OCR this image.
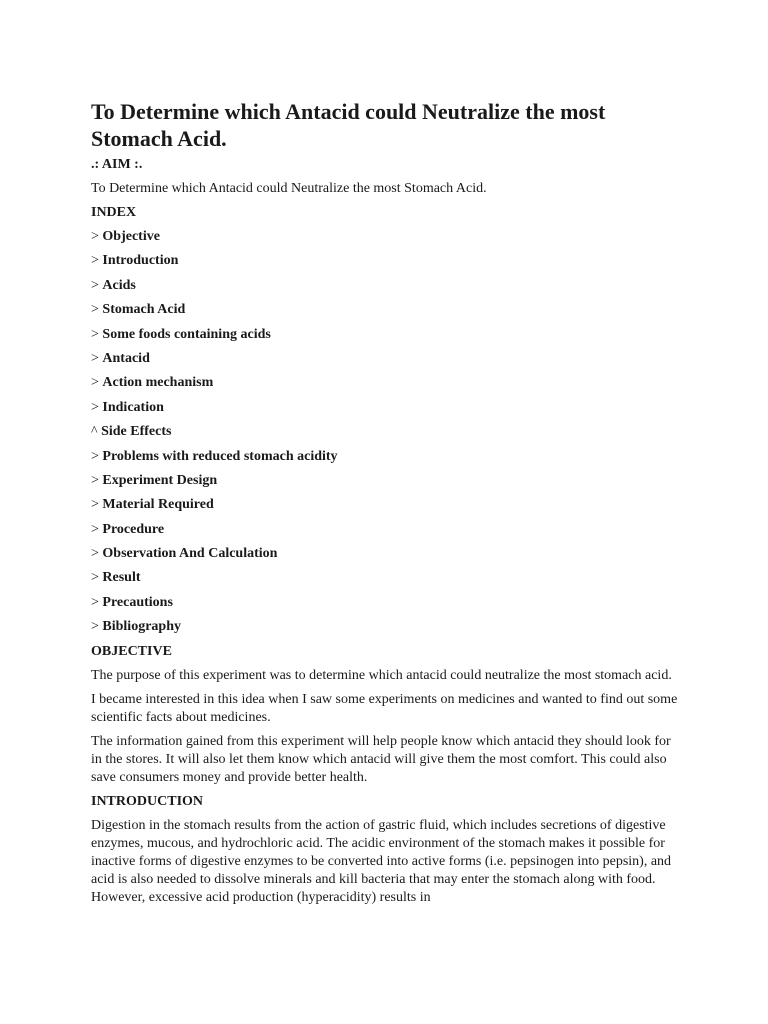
To Determine which Antacid could Neutralize the most Stomach Acid.
.: AIM :.

To Determine which Antacid could Neutralize the most Stomach Acid.

INDEX
> Objective
> Introduction
> Acids
> Stomach Acid
> Some foods containing acids
> Antacid
> Action mechanism
> Indication
^ Side Effects
> Problems with reduced stomach acidity
> Experiment Design
> Material Required
> Procedure
> Observation And Calculation
> Result
> Precautions
> Bibliography
OBJECTIVE

The purpose of this experiment was to determine which antacid could neutralize the most stomach acid.

I became interested in this idea when I saw some experiments on medicines and wanted to find out some scientific facts about medicines.

The information gained from this experiment will help people know which antacid they should look for in the stores. It will also let them know which antacid will give them the most comfort. This could also save consumers money and provide better health.

INTRODUCTION

Digestion in the stomach results from the action of gastric fluid, which includes secretions of digestive enzymes, mucous, and hydrochloric acid. The acidic environment of the stomach makes it possible for inactive forms of digestive enzymes to be converted into active forms (i.e. pepsinogen into pepsin), and acid is also needed to dissolve minerals and kill bacteria that may enter the stomach along with food. However, excessive acid production (hyperacidity) results in
